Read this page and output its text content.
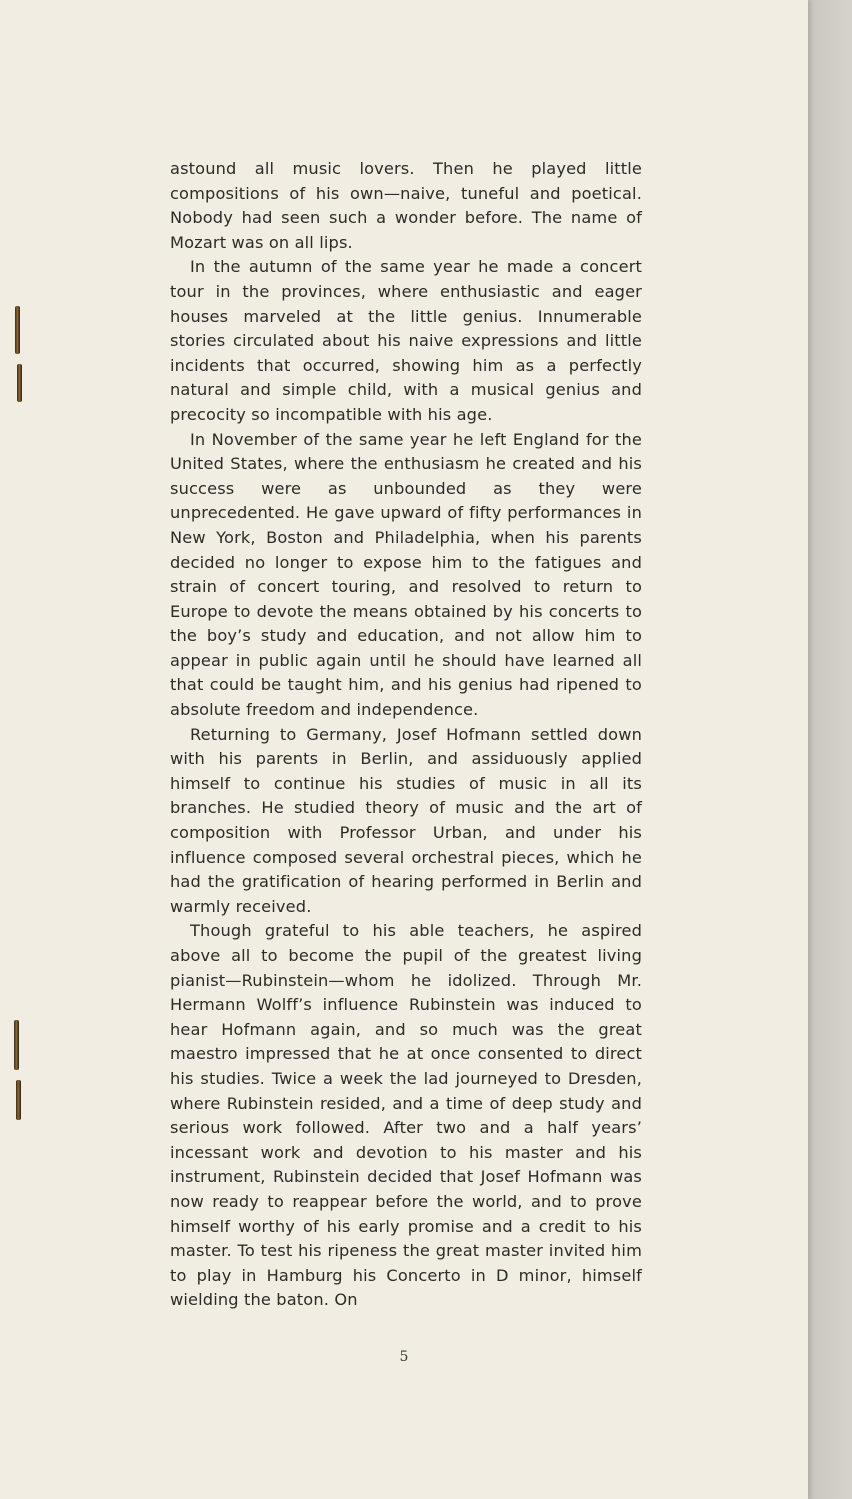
astound all music lovers. Then he played little compositions of his own—naive, tuneful and poetical. Nobody had seen such a wonder before. The name of Mozart was on all lips.

In the autumn of the same year he made a concert tour in the provinces, where enthusiastic and eager houses marveled at the little genius. Innumerable stories circulated about his naive expressions and little incidents that occurred, showing him as a perfectly natural and simple child, with a musical genius and precocity so incompatible with his age.

In November of the same year he left England for the United States, where the enthusiasm he created and his success were as unbounded as they were unprecedented. He gave upward of fifty performances in New York, Boston and Philadelphia, when his parents decided no longer to expose him to the fatigues and strain of concert touring, and resolved to return to Europe to devote the means obtained by his concerts to the boy’s study and education, and not allow him to appear in public again until he should have learned all that could be taught him, and his genius had ripened to absolute freedom and independence.

Returning to Germany, Josef Hofmann settled down with his parents in Berlin, and assiduously applied himself to continue his studies of music in all its branches. He studied theory of music and the art of composition with Professor Urban, and under his influence composed several orchestral pieces, which he had the gratification of hearing performed in Berlin and warmly received.

Though grateful to his able teachers, he aspired above all to become the pupil of the greatest living pianist—Rubinstein—whom he idolized. Through Mr. Hermann Wolff’s influence Rubinstein was induced to hear Hofmann again, and so much was the great maestro impressed that he at once consented to direct his studies. Twice a week the lad journeyed to Dresden, where Rubinstein resided, and a time of deep study and serious work followed. After two and a half years’ incessant work and devotion to his master and his instrument, Rubinstein decided that Josef Hofmann was now ready to reappear before the world, and to prove himself worthy of his early promise and a credit to his master. To test his ripeness the great master invited him to play in Hamburg his Concerto in D minor, himself wielding the baton. On

5
